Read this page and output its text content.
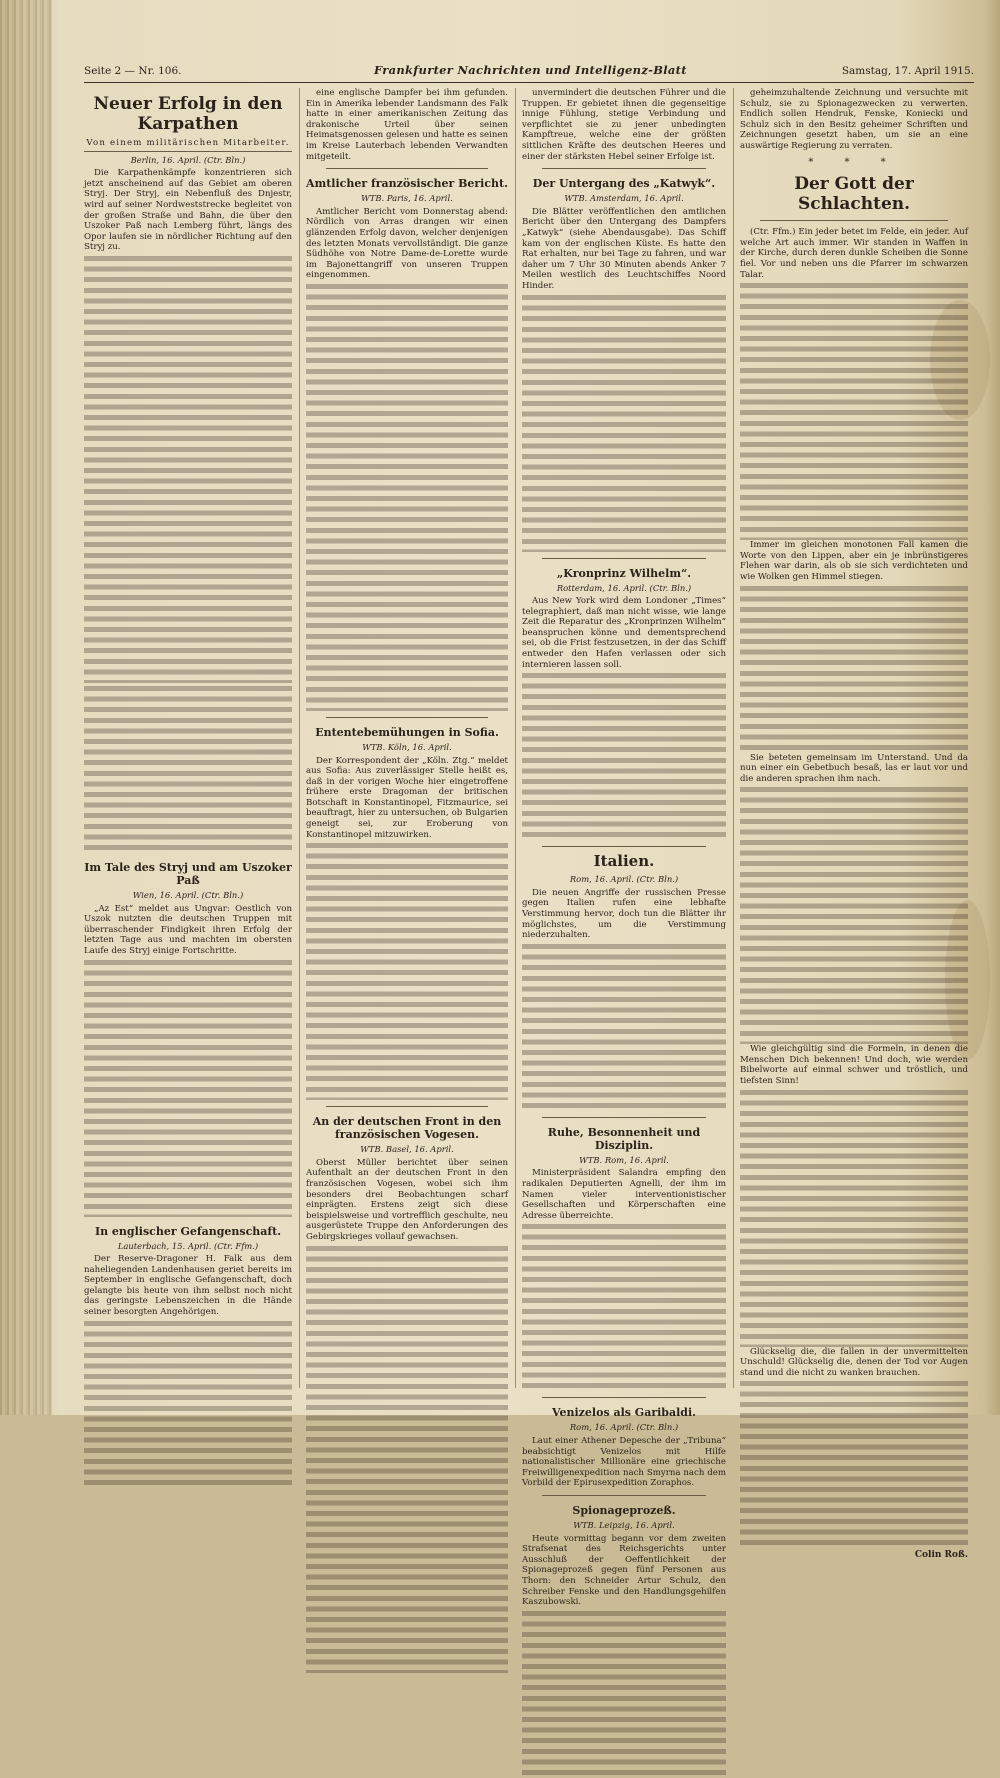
Seite 2 — Nr. 106.	Frankfurter Nachrichten und Intelligenz-Blatt	Samstag, 17. April 1915.
Neuer Erfolg in den Karpathen
Von einem militärischen Mitarbeiter.
Berlin, 16. April. (Ctr. Bln.)

Die Karpathenkämpfe konzentrieren sich jetzt anscheinend auf das Gebiet am oberen Stryj. Der Stryj, ein Nebenfluß des Dnjestr, wird auf seiner Nordweststrecke begleitet von der großen Straße und Bahn, die über den Uszoker Paß nach Lemberg führt, längs des Opor laufen sie in nördlicher Richtung auf den Stryj zu.

Im Tale des Stryj und am Uszoker Paß
Wien, 16. April. (Ctr. Bln.)

„Az Est“ meldet aus Ungvar: Oestlich von Uszok nutzten die deutschen Truppen mit überraschender Findigkeit ihren Erfolg der letzten Tage aus und machten im obersten Laufe des Stryj einige Fortschritte.

In englischer Gefangenschaft.
Lauterbach, 15. April. (Ctr. Ffm.)

Der Reserve-Dragoner H. Falk aus dem naheliegenden Landenhausen geriet bereits im September in englische Gefangenschaft, doch gelangte bis heute von ihm selbst noch nicht das geringste Lebenszeichen in die Hände seiner besorgten Angehörigen.

eine englische Dampfer bei ihm gefunden. Ein in Amerika lebender Landsmann des Falk hatte in einer amerikanischen Zeitung das drakonische Urteil über seinen Heimatsgenossen gelesen und hatte es seinen im Kreise Lauterbach lebenden Verwandten mitgeteilt.

Amtlicher französischer Bericht.
WTB. Paris, 16. April.

Amtlicher Bericht vom Donnerstag abend: Nördlich von Arras drangen wir einen glänzenden Erfolg davon, welcher denjenigen des letzten Monats vervollständigt. Die ganze Südhöhe von Notre Dame-de-Lorette wurde im Bajonettangriff von unseren Truppen eingenommen.

Ententebemühungen in Sofia.
WTB. Köln, 16. April.

Der Korrespondent der „Köln. Ztg.“ meldet aus Sofia: Aus zuverlässiger Stelle heißt es, daß in der vorigen Woche hier eingetroffene frühere erste Dragoman der britischen Botschaft in Konstantinopel, Fitzmaurice, sei beauftragt, hier zu untersuchen, ob Bulgarien geneigt sei, zur Eroberung von Konstantinopel mitzuwirken.

An der deutschen Front in den französischen Vogesen.
WTB. Basel, 16. April.

Oberst Müller berichtet über seinen Aufenthalt an der deutschen Front in den französischen Vogesen, wobei sich ihm besonders drei Beobachtungen scharf einprägten. Erstens zeigt sich diese beispielsweise und vortrefflich geschulte, neu ausgerüstete Truppe den Anforderungen des Gebirgskrieges vollauf gewachsen.

unvermindert die deutschen Führer und die Truppen. Er gebietet ihnen die gegenseitige innige Fühlung, stetige Verbindung und verpflichtet sie zu jener unbedingten Kampftreue, welche eine der größten sittlichen Kräfte des deutschen Heeres und einer der stärksten Hebel seiner Erfolge ist.

Der Untergang des „Katwyk“.
WTB. Amsterdam, 16. April.

Die Blätter veröffentlichen den amtlichen Bericht über den Untergang des Dampfers „Katwyk“ (siehe Abendausgabe). Das Schiff kam von der englischen Küste. Es hatte den Rat erhalten, nur bei Tage zu fahren, und war daher um 7 Uhr 30 Minuten abends Anker 7 Meilen westlich des Leuchtschiffes Noord Hinder.

„Kronprinz Wilhelm“.
Rotterdam, 16. April. (Ctr. Bln.)

Aus New York wird dem Londoner „Times“ telegraphiert, daß man nicht wisse, wie lange Zeit die Reparatur des „Kronprinzen Wilhelm“ beanspruchen könne und dementsprechend sei, ob die Frist festzusetzen, in der das Schiff entweder den Hafen verlassen oder sich internieren lassen soll.

Italien.
Rom, 16. April. (Ctr. Bln.)

Die neuen Angriffe der russischen Presse gegen Italien rufen eine lebhafte Verstimmung hervor, doch tun die Blätter ihr möglichstes, um die Verstimmung niederzuhalten.

Ruhe, Besonnenheit und Disziplin.
WTB. Rom, 16. April.

Ministerpräsident Salandra empfing den radikalen Deputierten Agnelli, der ihm im Namen vieler interventionistischer Gesellschaften und Körperschaften eine Adresse überreichte.

Venizelos als Garibaldi.
Rom, 16. April. (Ctr. Bln.)

Laut einer Athener Depesche der „Tribuna“ beabsichtigt Venizelos mit Hilfe nationalistischer Millionäre eine griechische Freiwilligenexpedition nach Smyrna nach dem Vorbild der Epirusexpedition Zoraphos.

Spionageprozeß.
WTB. Leipzig, 16. April.

Heute vormittag begann vor dem zweiten Strafsenat des Reichsgerichts unter Ausschluß der Oeffentlichkeit der Spionageprozeß gegen fünf Personen aus Thorn: den Schneider Artur Schulz, den Schreiber Fenske und den Handlungsgehilfen Kaszubowski.

geheimzuhaltende Zeichnung und versuchte mit Schulz, sie zu Spionagezwecken zu verwerten. Endlich sollen Hendruk, Fenske, Koniecki und Schulz sich in den Besitz geheimer Schriften und Zeichnungen gesetzt haben, um sie an eine auswärtige Regierung zu verraten.

* * *
Der Gott der Schlachten.

(Ctr. Ffm.) Ein jeder betet im Felde, ein jeder. Auf welche Art auch immer. Wir standen in Waffen in der Kirche, durch deren dunkle Scheiben die Sonne fiel. Vor und neben uns die Pfarrer im schwarzen Talar.

Immer im gleichen monotonen Fall kamen die Worte von den Lippen, aber ein je inbrünstigeres Flehen war darin, als ob sie sich verdichteten und wie Wolken gen Himmel stiegen.

Sie beteten gemeinsam im Unterstand. Und da nun einer ein Gebetbuch besaß, las er laut vor und die anderen sprachen ihm nach.

Wie gleichgültig sind die Formeln, in denen die Menschen Dich bekennen! Und doch, wie werden Bibelworte auf einmal schwer und tröstlich, und tiefsten Sinn!

Glückselig die, die fallen in der unvermittelten Unschuld! Glückselig die, denen der Tod vor Augen stand und die nicht zu wanken brauchen.

Colin Roß.
